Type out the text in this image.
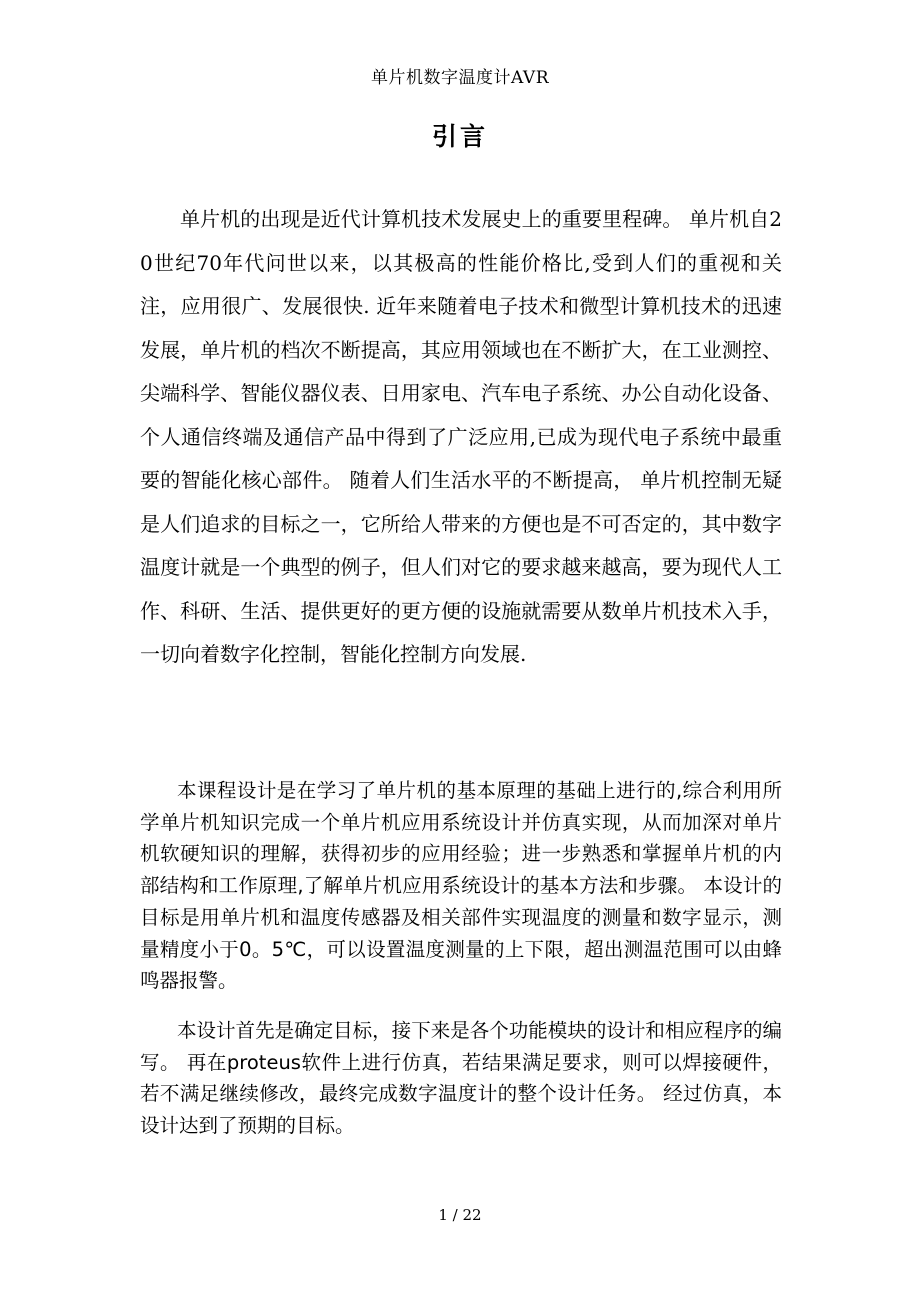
单片机数字温度计AVR
引言

单片机的出现是近代计算机技术发展史上的重要里程碑。 单片机自20世纪70年代问世以来，以其极高的性能价格比,受到人们的重视和关注，应用很广、发展很快. 近年来随着电子技术和微型计算机技术的迅速发展，单片机的档次不断提高，其应用领域也在不断扩大，在工业测控、尖端科学、智能仪器仪表、日用家电、汽车电子系统、办公自动化设备、个人通信终端及通信产品中得到了广泛应用,已成为现代电子系统中最重要的智能化核心部件。 随着人们生活水平的不断提高， 单片机控制无疑是人们追求的目标之一，它所给人带来的方便也是不可否定的，其中数字温度计就是一个典型的例子，但人们对它的要求越来越高，要为现代人工作、科研、生活、提供更好的更方便的设施就需要从数单片机技术入手，一切向着数字化控制，智能化控制方向发展.

本课程设计是在学习了单片机的基本原理的基础上进行的,综合利用所学单片机知识完成一个单片机应用系统设计并仿真实现，从而加深对单片机软硬知识的理解，获得初步的应用经验；进一步熟悉和掌握单片机的内部结构和工作原理,了解单片机应用系统设计的基本方法和步骤。 本设计的目标是用单片机和温度传感器及相关部件实现温度的测量和数字显示，测量精度小于0。5℃，可以设置温度测量的上下限，超出测温范围可以由蜂鸣器报警。

本设计首先是确定目标，接下来是各个功能模块的设计和相应程序的编写。 再在proteus软件上进行仿真，若结果满足要求，则可以焊接硬件，若不满足继续修改，最终完成数字温度计的整个设计任务。 经过仿真，本设计达到了预期的目标。

1 / 22
